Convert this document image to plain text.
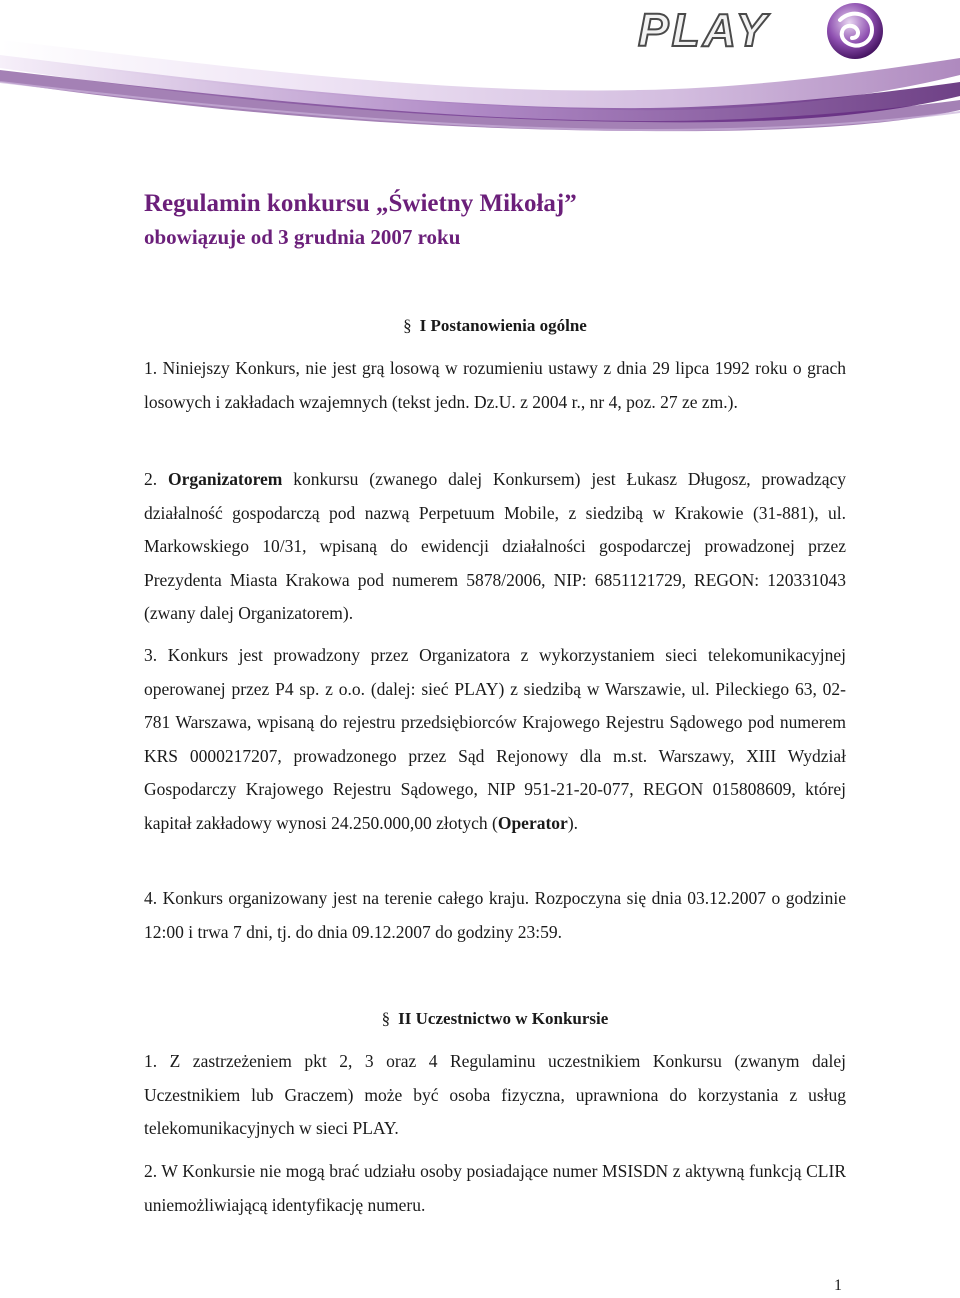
PLAY
Regulamin konkursu „Świetny Mikołaj”
obowiązuje od 3 grudnia 2007 roku
§ I Postanowienia ogólne
1. Niniejszy Konkurs, nie jest grą losową w rozumieniu ustawy z dnia 29 lipca 1992 roku o grach losowych i zakładach wzajemnych (tekst jedn. Dz.U. z 2004 r., nr 4, poz. 27 ze zm.).
2. Organizatorem konkursu (zwanego dalej Konkursem) jest Łukasz Długosz, prowadzący działalność gospodarczą pod nazwą Perpetuum Mobile, z siedzibą w Krakowie (31-881), ul. Markowskiego 10/31, wpisaną do ewidencji działalności gospodarczej prowadzonej przez Prezydenta Miasta Krakowa pod numerem 5878/2006, NIP: 6851121729, REGON: 120331043 (zwany dalej Organizatorem).
3. Konkurs jest prowadzony przez Organizatora z wykorzystaniem sieci telekomunikacyjnej operowanej przez P4 sp. z o.o. (dalej: sieć PLAY) z siedzibą w Warszawie, ul. Pileckiego 63, 02-781 Warszawa, wpisaną do rejestru przedsiębiorców Krajowego Rejestru Sądowego pod numerem KRS 0000217207, prowadzonego przez Sąd Rejonowy dla m.st. Warszawy, XIII Wydział Gospodarczy Krajowego Rejestru Sądowego, NIP 951-21-20-077, REGON 015808609, której kapitał zakładowy wynosi 24.250.000,00 złotych (Operator).
4. Konkurs organizowany jest na terenie całego kraju. Rozpoczyna się dnia 03.12.2007 o godzinie 12:00 i trwa 7 dni, tj. do dnia 09.12.2007 do godziny 23:59.
§ II Uczestnictwo w Konkursie
1. Z zastrzeżeniem pkt 2, 3 oraz 4 Regulaminu uczestnikiem Konkursu (zwanym dalej Uczestnikiem lub Graczem) może być osoba fizyczna, uprawniona do korzystania z usług telekomunikacyjnych w sieci PLAY.
2. W Konkursie nie mogą brać udziału osoby posiadające numer MSISDN z aktywną funkcją CLIR uniemożliwiającą identyfikację numeru.
1
